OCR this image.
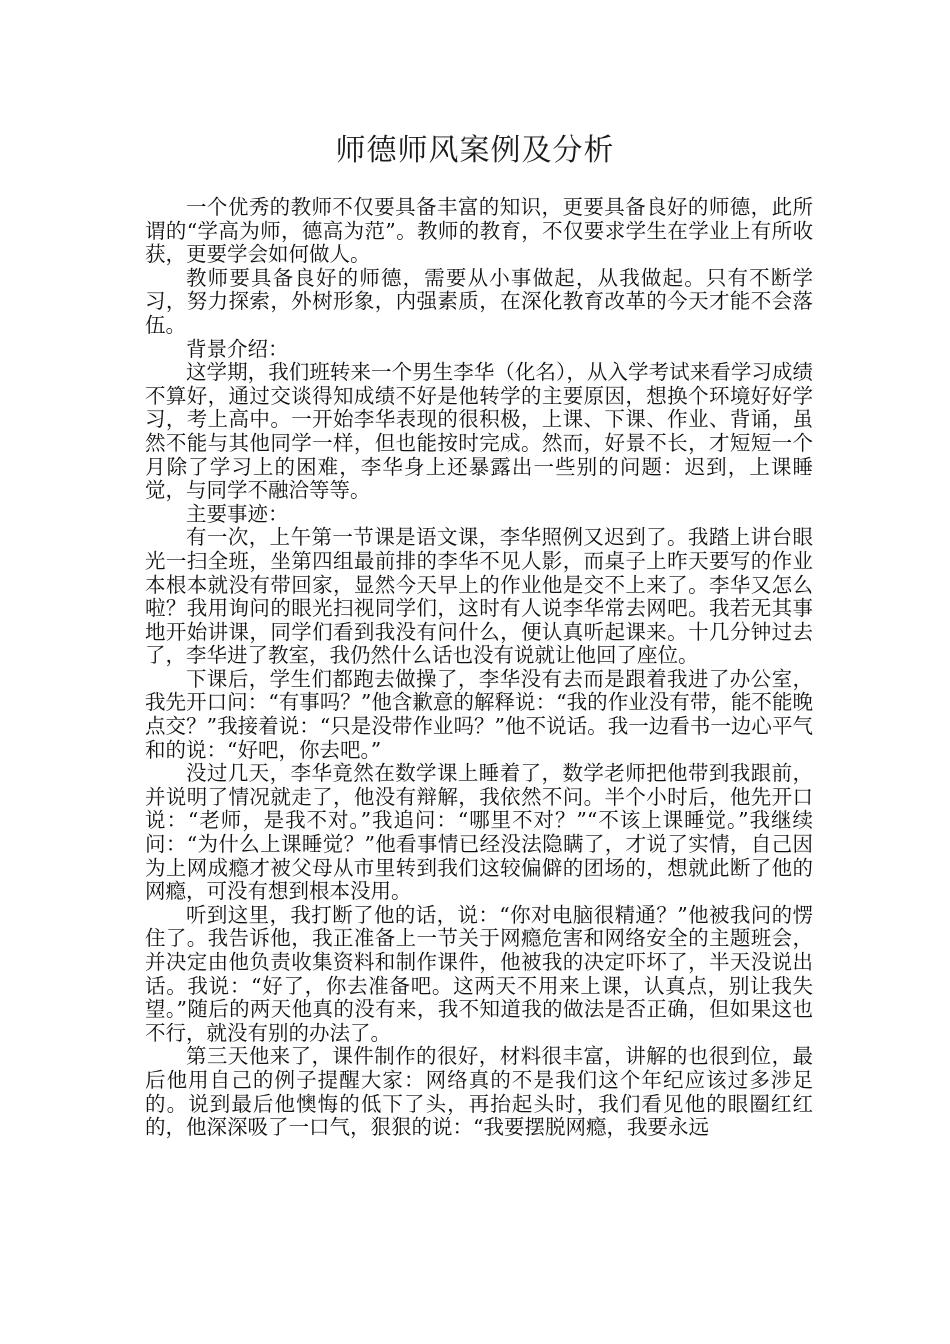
师德师风案例及分析

一个优秀的教师不仅要具备丰富的知识，更要具备良好的师德，此所谓的“学高为师，德高为范”。教师的教育，不仅要求学生在学业上有所收获，更要学会如何做人。

教师要具备良好的师德，需要从小事做起，从我做起。只有不断学习，努力探索，外树形象，内强素质，在深化教育改革的今天才能不会落伍。

背景介绍：

这学期，我们班转来一个男生李华（化名），从入学考试来看学习成绩不算好，通过交谈得知成绩不好是他转学的主要原因，想换个环境好好学习，考上高中。一开始李华表现的很积极，上课、下课、作业、背诵，虽然不能与其他同学一样，但也能按时完成。然而，好景不长，才短短一个月除了学习上的困难，李华身上还暴露出一些别的问题：迟到，上课睡觉，与同学不融洽等等。

主要事迹：

有一次，上午第一节课是语文课，李华照例又迟到了。我踏上讲台眼光一扫全班，坐第四组最前排的李华不见人影，而桌子上昨天要写的作业本根本就没有带回家，显然今天早上的作业他是交不上来了。李华又怎么啦？我用询问的眼光扫视同学们，这时有人说李华常去网吧。我若无其事地开始讲课，同学们看到我没有问什么，便认真听起课来。十几分钟过去了，李华进了教室，我仍然什么话也没有说就让他回了座位。

下课后，学生们都跑去做操了，李华没有去而是跟着我进了办公室，我先开口问：“有事吗？”他含歉意的解释说：“我的作业没有带，能不能晚点交？”我接着说：“只是没带作业吗？”他不说话。我一边看书一边心平气和的说：“好吧，你去吧。”

没过几天，李华竟然在数学课上睡着了，数学老师把他带到我跟前，并说明了情况就走了，他没有辩解，我依然不问。半个小时后，他先开口说：“老师，是我不对。”我追问：“哪里不对？”“不该上课睡觉。”我继续问：“为什么上课睡觉？”他看事情已经没法隐瞒了，才说了实情，自己因为上网成瘾才被父母从市里转到我们这较偏僻的团场的，想就此断了他的网瘾，可没有想到根本没用。

听到这里，我打断了他的话，说：“你对电脑很精通？”他被我问的愣住了。我告诉他，我正准备上一节关于网瘾危害和网络安全的主题班会，并决定由他负责收集资料和制作课件，他被我的决定吓坏了，半天没说出话。我说：“好了，你去准备吧。这两天不用来上课，认真点，别让我失望。”随后的两天他真的没有来，我不知道我的做法是否正确，但如果这也不行，就没有别的办法了。

第三天他来了，课件制作的很好，材料很丰富，讲解的也很到位，最后他用自己的例子提醒大家：网络真的不是我们这个年纪应该过多涉足的。说到最后他懊悔的低下了头，再抬起头时，我们看见他的眼圈红红的，他深深吸了一口气，狠狠的说：“我要摆脱网瘾，我要永远
